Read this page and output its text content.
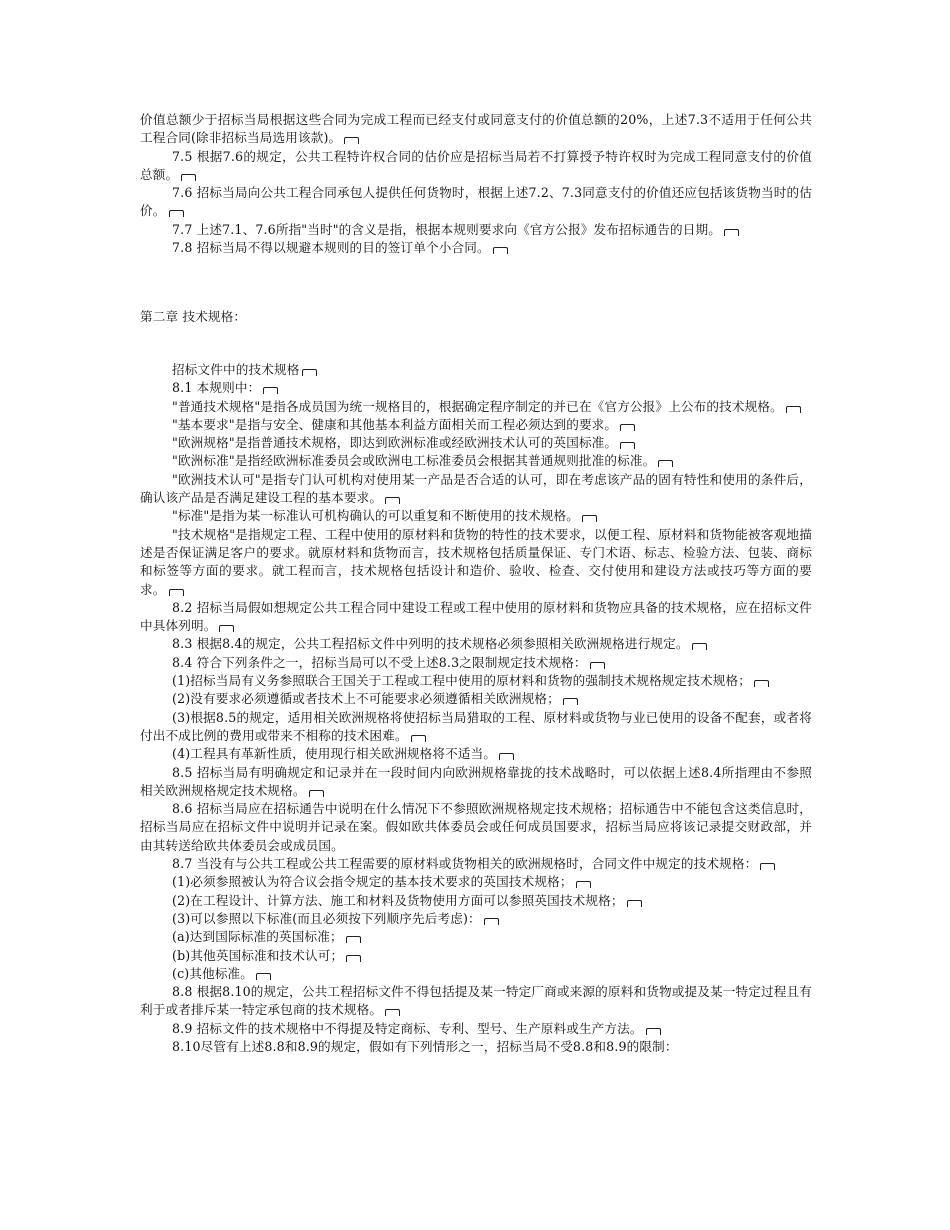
价值总额少于招标当局根据这些合同为完成工程而已经支付或同意支付的价值总额的20%，上述7.3不适用于任何公共工程合同(除非招标当局选用该款)。

7.5 根据7.6的规定，公共工程特许权合同的估价应是招标当局若不打算授予特许权时为完成工程同意支付的价值总额。

7.6 招标当局向公共工程合同承包人提供任何货物时，根据上述7.2、7.3同意支付的价值还应包括该货物当时的估价。

7.7 上述7.1、7.6所指"当时"的含义是指，根据本规则要求向《官方公报》发布招标通告的日期。

7.8 招标当局不得以规避本规则的目的签订单个小合同。

第二章 技术规格：

招标文件中的技术规格

8.1 本规则中：

"普通技术规格"是指各成员国为统一规格目的，根据确定程序制定的并已在《官方公报》上公布的技术规格。

"基本要求"是指与安全、健康和其他基本利益方面相关而工程必须达到的要求。

"欧洲规格"是指普通技术规格，即达到欧洲标准或经欧洲技术认可的英国标准。

"欧洲标准"是指经欧洲标准委员会或欧洲电工标准委员会根据其普通规则批准的标准。

"欧洲技术认可"是指专门认可机构对使用某一产品是否合适的认可，即在考虑该产品的固有特性和使用的条件后，确认该产品是否满足建设工程的基本要求。

"标准"是指为某一标准认可机构确认的可以重复和不断使用的技术规格。

"技术规格"是指规定工程、工程中使用的原材料和货物的特性的技术要求，以便工程、原材料和货物能被客观地描述是否保证满足客户的要求。就原材料和货物而言，技术规格包括质量保证、专门术语、标志、检验方法、包装、商标和标签等方面的要求。就工程而言，技术规格包括设计和造价、验收、检查、交付使用和建设方法或技巧等方面的要求。

8.2 招标当局假如想规定公共工程合同中建设工程或工程中使用的原材料和货物应具备的技术规格，应在招标文件中具体列明。

8.3 根据8.4的规定，公共工程招标文件中列明的技术规格必须参照相关欧洲规格进行规定。

8.4 符合下列条件之一，招标当局可以不受上述8.3之限制规定技术规格：

(1)招标当局有义务参照联合王国关于工程或工程中使用的原材料和货物的强制技术规格规定技术规格；

(2)没有要求必须遵循或者技术上不可能要求必须遵循相关欧洲规格；

(3)根据8.5的规定，适用相关欧洲规格将使招标当局猎取的工程、原材料或货物与业已使用的设备不配套，或者将付出不成比例的费用或带来不相称的技术困难。

(4)工程具有革新性质，使用现行相关欧洲规格将不适当。

8.5 招标当局有明确规定和记录并在一段时间内向欧洲规格靠拢的技术战略时，可以依据上述8.4所指理由不参照相关欧洲规格规定技术规格。

8.6 招标当局应在招标通告中说明在什么情况下不参照欧洲规格规定技术规格；招标通告中不能包含这类信息时，招标当局应在招标文件中说明并记录在案。假如欧共体委员会或任何成员国要求，招标当局应将该记录提交财政部，并由其转送给欧共体委员会或成员国。

8.7 当没有与公共工程或公共工程需要的原材料或货物相关的欧洲规格时，合同文件中规定的技术规格：

(1)必须参照被认为符合议会指令规定的基本技术要求的英国技术规格；

(2)在工程设计、计算方法、施工和材料及货物使用方面可以参照英国技术规格；

(3)可以参照以下标准(而且必须按下列顺序先后考虑)：

(a)达到国际标准的英国标准；

(b)其他英国标准和技术认可；

(c)其他标准。

8.8 根据8.10的规定，公共工程招标文件不得包括提及某一特定厂商或来源的原料和货物或提及某一特定过程且有利于或者排斥某一特定承包商的技术规格。

8.9 招标文件的技术规格中不得提及特定商标、专利、型号、生产原料或生产方法。

8.10尽管有上述8.8和8.9的规定，假如有下列情形之一，招标当局不受8.8和8.9的限制：
